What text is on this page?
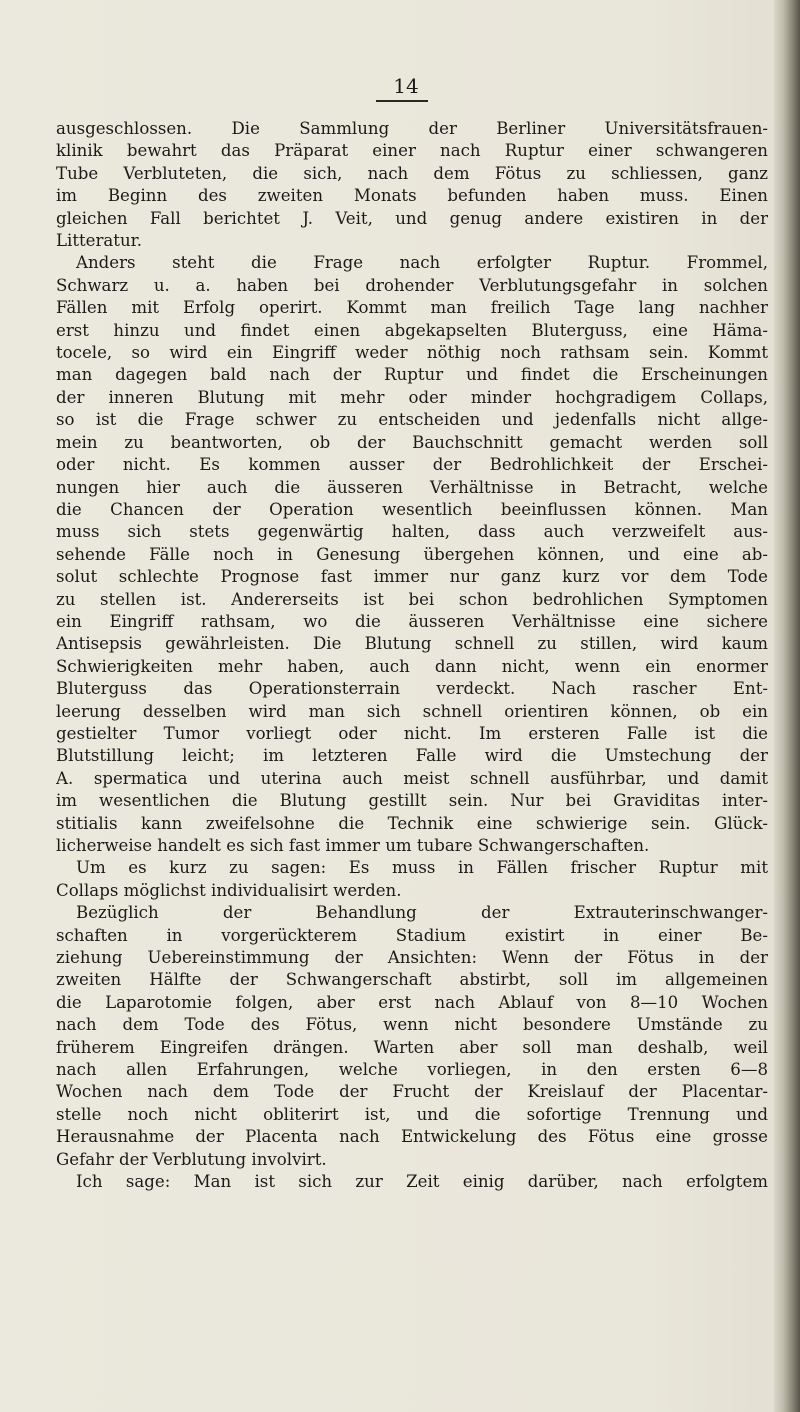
14
ausgeschlossen. Die Sammlung der Berliner Universitätsfrauen-
klinik bewahrt das Präparat einer nach Ruptur einer schwangeren
Tube Verbluteten, die sich, nach dem Fötus zu schliessen, ganz
im Beginn des zweiten Monats befunden haben muss. Einen
gleichen Fall berichtet J. Veit, und genug andere existiren in der
Litteratur.
Anders steht die Frage nach erfolgter Ruptur. Frommel,
Schwarz u. a. haben bei drohender Verblutungsgefahr in solchen
Fällen mit Erfolg operirt. Kommt man freilich Tage lang nachher
erst hinzu und findet einen abgekapselten Bluterguss, eine Häma-
tocele, so wird ein Eingriff weder nöthig noch rathsam sein. Kommt
man dagegen bald nach der Ruptur und findet die Erscheinungen
der inneren Blutung mit mehr oder minder hochgradigem Collaps,
so ist die Frage schwer zu entscheiden und jedenfalls nicht allge-
mein zu beantworten, ob der Bauchschnitt gemacht werden soll
oder nicht. Es kommen ausser der Bedrohlichkeit der Erschei-
nungen hier auch die äusseren Verhältnisse in Betracht, welche
die Chancen der Operation wesentlich beeinflussen können. Man
muss sich stets gegenwärtig halten, dass auch verzweifelt aus-
sehende Fälle noch in Genesung übergehen können, und eine ab-
solut schlechte Prognose fast immer nur ganz kurz vor dem Tode
zu stellen ist. Andererseits ist bei schon bedrohlichen Symptomen
ein Eingriff rathsam, wo die äusseren Verhältnisse eine sichere
Antisepsis gewährleisten. Die Blutung schnell zu stillen, wird kaum
Schwierigkeiten mehr haben, auch dann nicht, wenn ein enormer
Bluterguss das Operationsterrain verdeckt. Nach rascher Ent-
leerung desselben wird man sich schnell orientiren können, ob ein
gestielter Tumor vorliegt oder nicht. Im ersteren Falle ist die
Blutstillung leicht; im letzteren Falle wird die Umstechung der
A. spermatica und uterina auch meist schnell ausführbar, und damit
im wesentlichen die Blutung gestillt sein. Nur bei Graviditas inter-
stitialis kann zweifelsohne die Technik eine schwierige sein. Glück-
licherweise handelt es sich fast immer um tubare Schwangerschaften.
Um es kurz zu sagen: Es muss in Fällen frischer Ruptur mit
Collaps möglichst individualisirt werden.
Bezüglich der Behandlung der Extrauterinschwanger-
schaften in vorgerückterem Stadium existirt in einer Be-
ziehung Uebereinstimmung der Ansichten: Wenn der Fötus in der
zweiten Hälfte der Schwangerschaft abstirbt, soll im allgemeinen
die Laparotomie folgen, aber erst nach Ablauf von 8—10 Wochen
nach dem Tode des Fötus, wenn nicht besondere Umstände zu
früherem Eingreifen drängen. Warten aber soll man deshalb, weil
nach allen Erfahrungen, welche vorliegen, in den ersten 6—8
Wochen nach dem Tode der Frucht der Kreislauf der Placentar-
stelle noch nicht obliterirt ist, und die sofortige Trennung und
Herausnahme der Placenta nach Entwickelung des Fötus eine grosse
Gefahr der Verblutung involvirt.
Ich sage: Man ist sich zur Zeit einig darüber, nach erfolgtem
